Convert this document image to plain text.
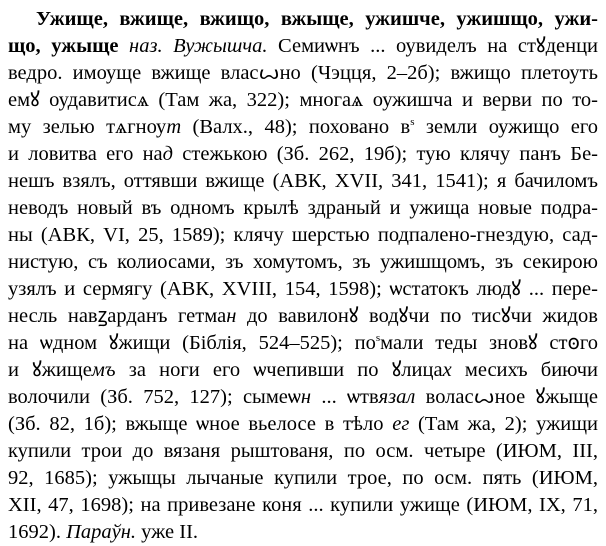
Ужище, вжище, вжищо, вжыще, ужишче, ужишщо, ужи-
що, ужыще наз. Вужышча. Семиѡнъ ... оувиделъ на стꙋденци
ведро. имоуще вжище власꙍно (Чэцця, 2–2б); вжищо плетоуть
емꙋ оудавитисѧ (Там жа, 322); многаѧ оужишча и верви по то-
му зелью тѧгноут (Валх., 48); поховано $в^s$ земли оужищо его
и ловитва его над стежькою (Зб. 262, 19б); тую клячу панъ Бе-
нешъ взялъ, оттявши вжище (АВК, XVII, 341, 1541); я бачиломъ
неводъ новый въ одномъ крылѣ здраный и ужища новые подра-
ны (АВК, VI, 25, 1589); клячу шерстью подпалено-гнездую, сад-
нистую, съ колиосами, зъ хомутомъ, зъ ужишщомъ, зъ секирою
узялъ и сермягу (АВК, XVIII, 154, 1598); ѡстатокъ людꙋ ... пере-
несль навꙁарданъ гетман до вавилонꙋ водꙋчи по тисꙋчи жидов
на ѡдном ꙋжищи (Біблія, 524–525); $по^sмали$ теды зновꙋ стꙩго
и ꙋжищемъ за ноги его ѡчепивши по ꙋлицах месихъ биючи
волочили (Зб. 752, 127); сымеѡн ... ѡтвязал воласꙍное ꙋжыще
(Зб. 82, 1б); вжыще ѡное вьелосе в тѣло ег (Там жа, 2); ужищи
купили трои до вязаня рыштованя, по осм. четыре (ИЮМ, III,
92, 1685); ужыщы лычаные купили трое, по осм. пять (ИЮМ,
XII, 47, 1698); на привезане коня ... купили ужище (ИЮМ, IX, 71,
1692). Параўн. уже II.
